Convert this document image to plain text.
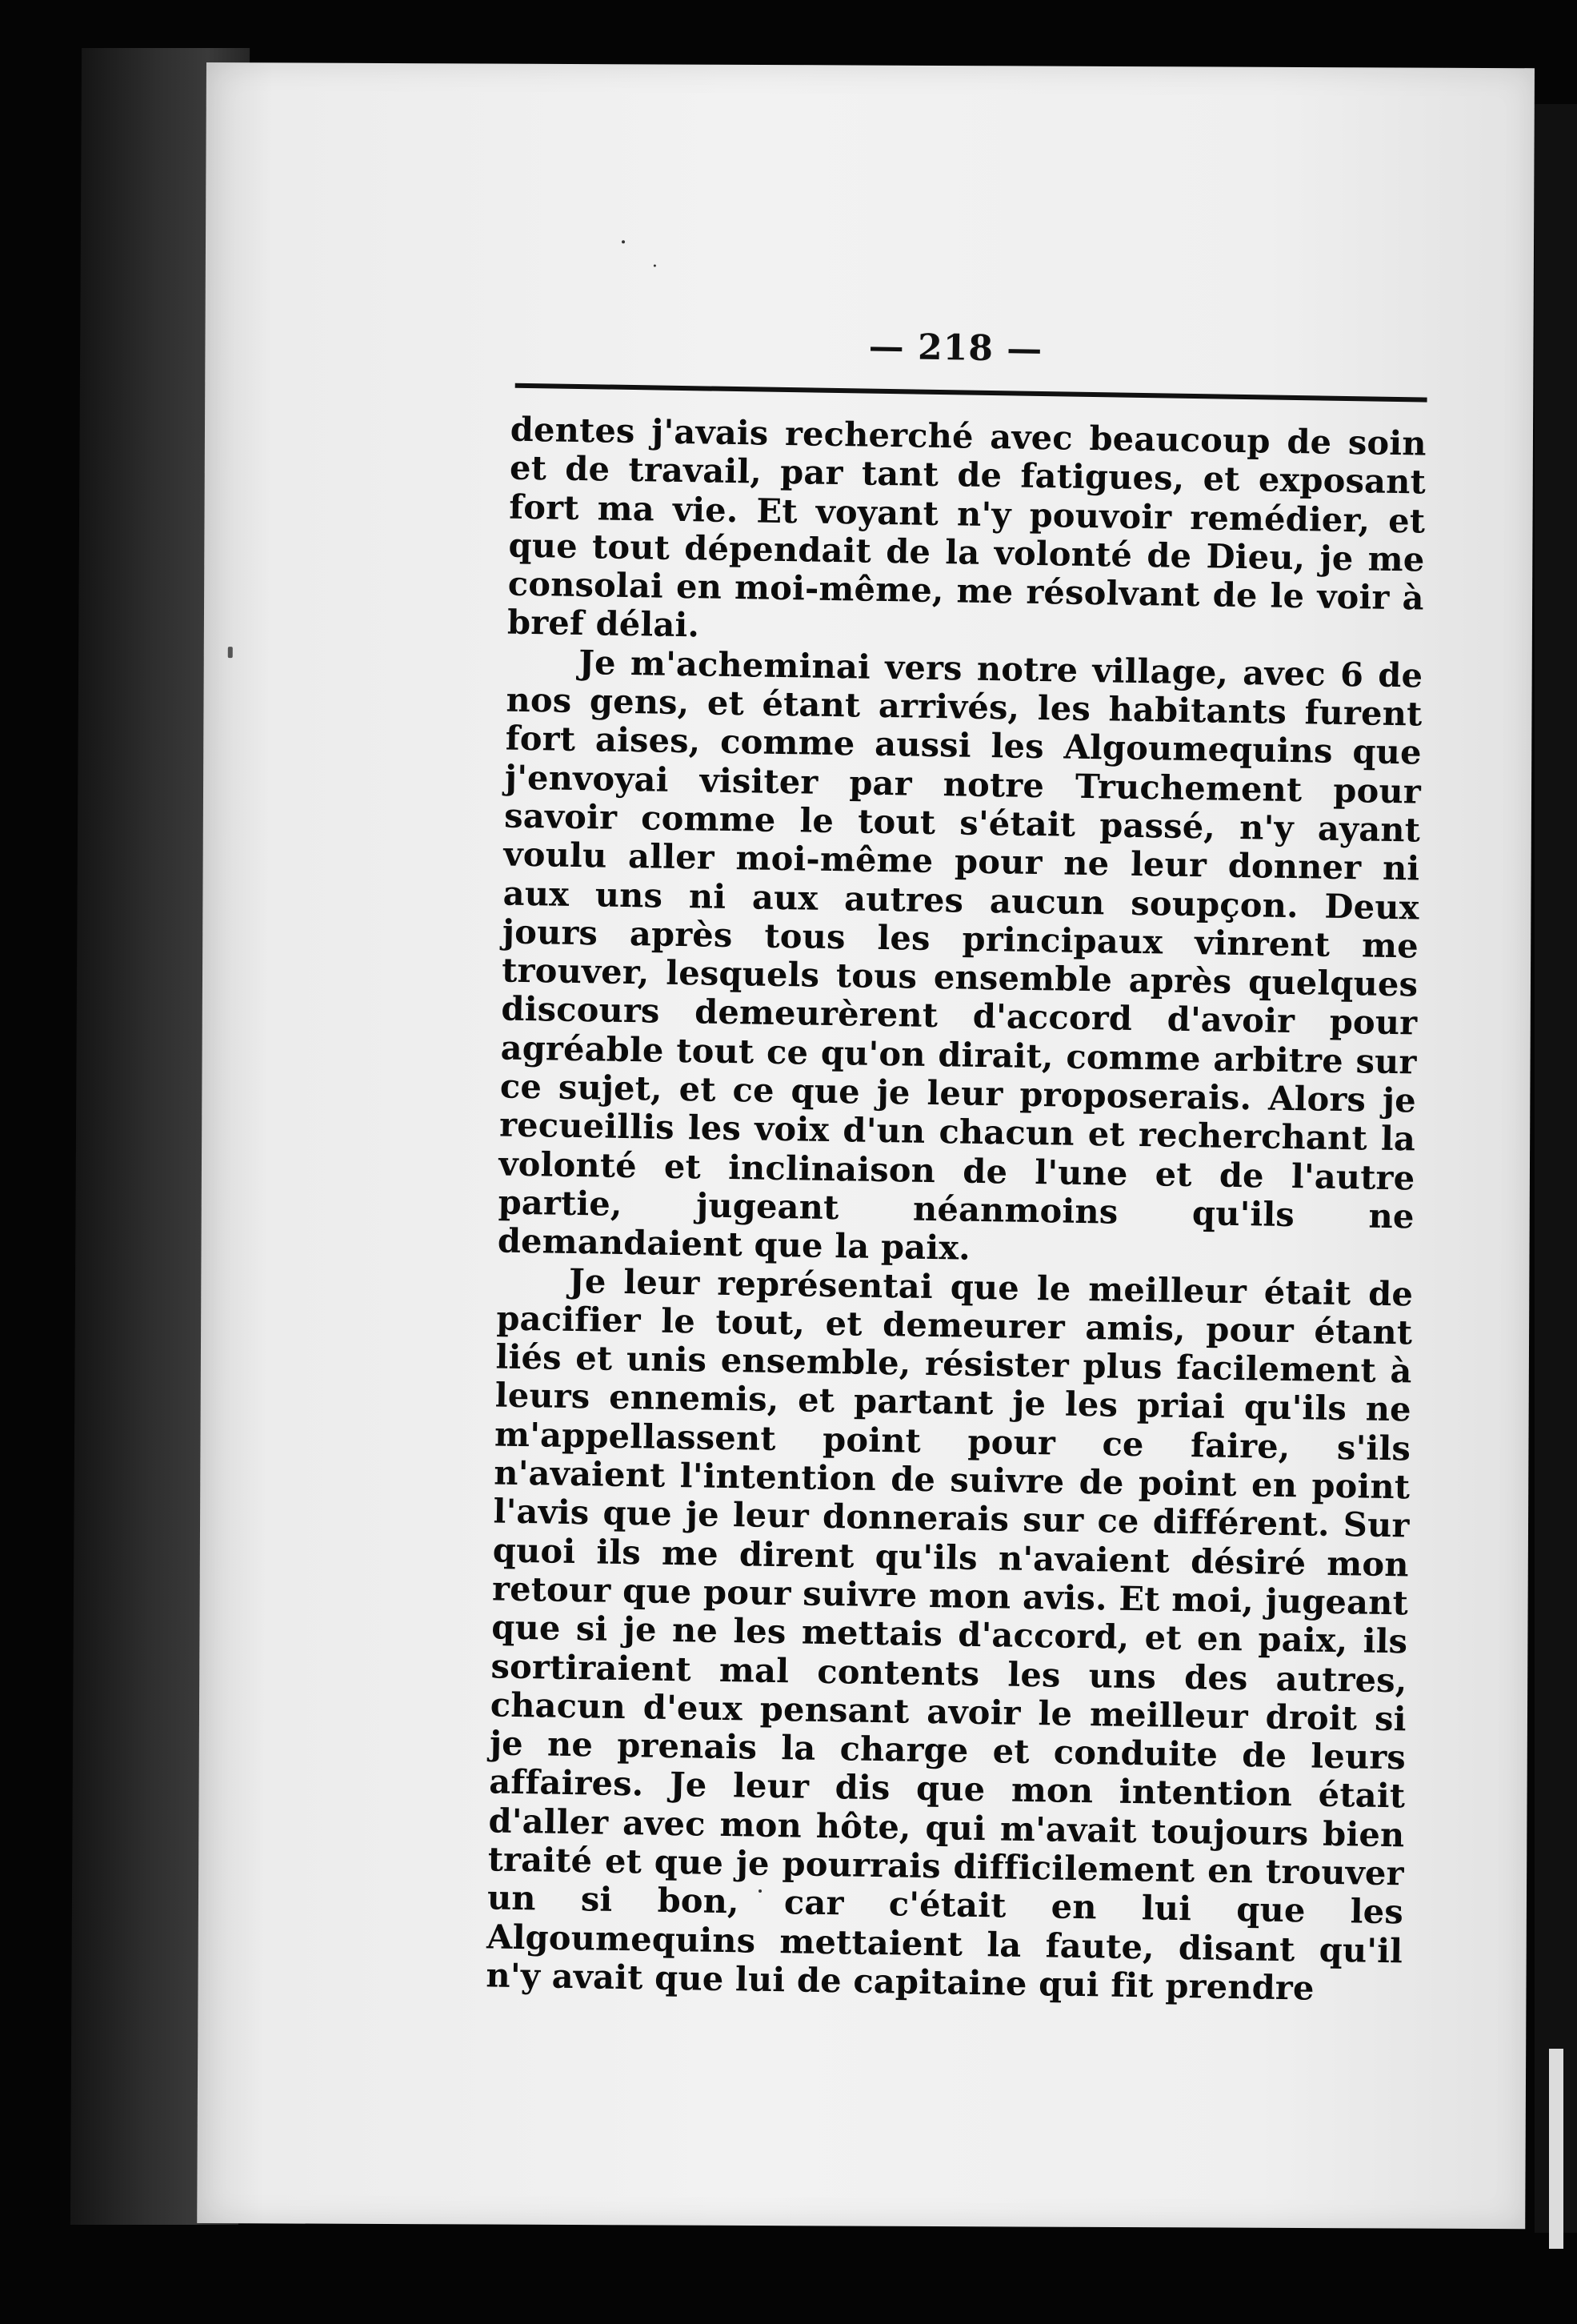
— 218 —

dentes j'avais recherché avec beaucoup de soin et de travail, par tant de fatigues, et exposant fort ma vie. Et voyant n'y pouvoir remédier, et que tout dépendait de la volonté de Dieu, je me consolai en moi-même, me résolvant de le voir à bref délai.

Je m'acheminai vers notre village, avec 6 de nos gens, et étant arrivés, les habitants furent fort aises, comme aussi les Algoumequins que j'envoyai visiter par notre Truchement pour savoir comme le tout s'était passé, n'y ayant voulu aller moi-même pour ne leur donner ni aux uns ni aux autres aucun soupçon. Deux jours après tous les principaux vinrent me trouver, lesquels tous ensemble après quelques discours demeurèrent d'accord d'avoir pour agréable tout ce qu'on dirait, comme arbitre sur ce sujet, et ce que je leur proposerais. Alors je recueillis les voix d'un chacun et recherchant la volonté et inclinaison de l'une et de l'autre partie, jugeant néanmoins qu'ils ne demandaient que la paix.

Je leur représentai que le meilleur était de pacifier le tout, et demeurer amis, pour étant liés et unis ensemble, résister plus facilement à leurs ennemis, et partant je les priai qu'ils ne m'appellassent point pour ce faire, s'ils n'avaient l'intention de suivre de point en point l'avis que je leur donnerais sur ce différent. Sur quoi ils me dirent qu'ils n'avaient désiré mon retour que pour suivre mon avis. Et moi, jugeant que si je ne les mettais d'accord, et en paix, ils sortiraient mal contents les uns des autres, chacun d'eux pensant avoir le meilleur droit si je ne prenais la charge et conduite de leurs affaires. Je leur dis que mon intention était d'aller avec mon hôte, qui m'avait toujours bien traité et que je pourrais difficilement en trouver un si bon, car c'était en lui que les Algoumequins mettaient la faute, disant qu'il n'y avait que lui de capitaine qui fit prendre
